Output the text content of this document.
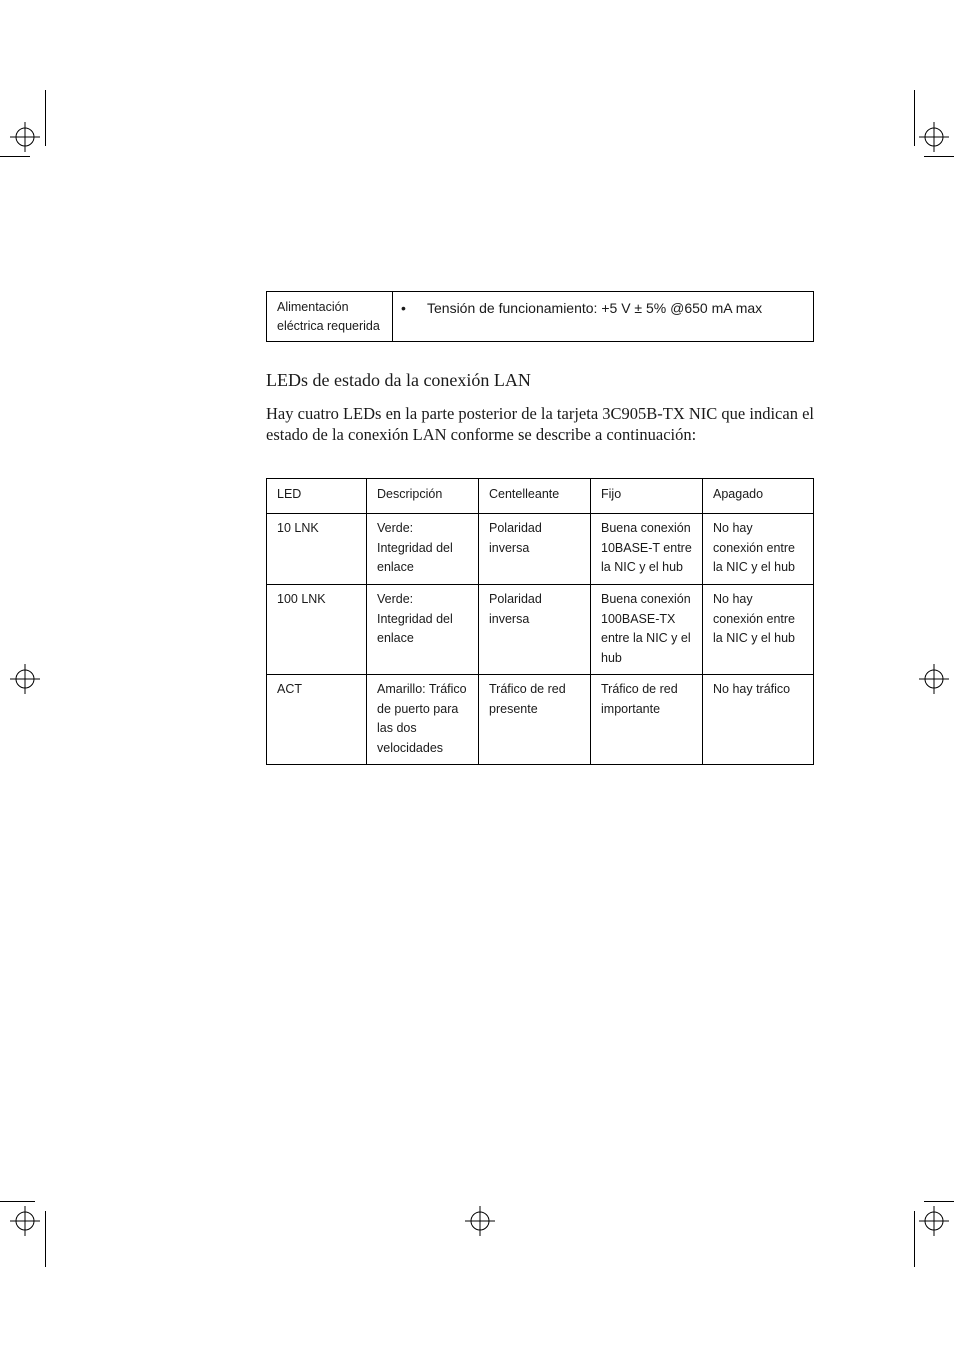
Alimentación eléctrica requerida	• Tensión de funcionamiento: +5 V ± 5% @650 mA max
LEDs de estado da la conexión LAN

Hay cuatro LEDs en la parte posterior de la tarjeta 3C905B-TX NIC que indican el estado de la conexión LAN conforme se describe a continuación:

LED	Descripción	Centelleante	Fijo	Apagado
10 LNK	Verde: Integridad del enlace	Polaridad inversa	Buena conexión 10BASE-T entre la NIC y el hub	No hay conexión entre la NIC y el hub
100 LNK	Verde: Integridad del enlace	Polaridad inversa	Buena conexión 100BASE-TX entre la NIC y el hub	No hay conexión entre la NIC y el hub
ACT	Amarillo: Tráfico de puerto para las dos velocidades	Tráfico de red presente	Tráfico de red importante	No hay tráfico
